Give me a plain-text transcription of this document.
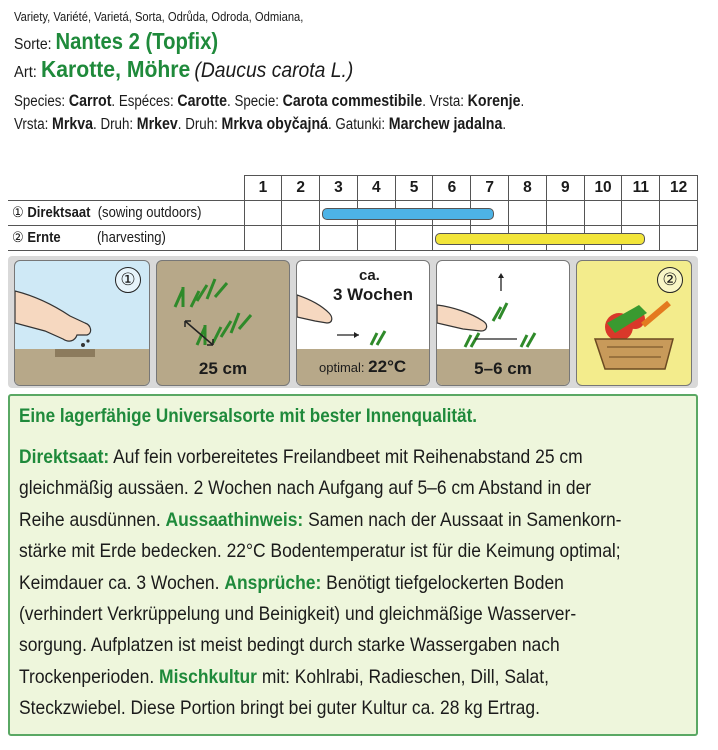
Variety, Variété, Varietá, Sorta, Odrůda, Odroda, Odmiana,
Sorte: Nantes 2 (Topfix)
Art: Karotte, Möhre (Daucus carota L.)
Species: Carrot. Espéces: Carotte. Specie: Carota commestibile. Vrsta: Korenje.
Vrsta: Mrkva. Druh: Mrkev. Druh: Mrkva obyčajná. Gatunki: Marchew jadalna.
	1	2	3	4	5	6	7	8	9	10	11	12
① Direktsaat (sowing outdoors)												
② Ernte (harvesting)												
①
25 cm
ca.
3 Wochen
optimal: 22°C	5–6 cm
②
Eine lagerfähige Universalsorte mit bester Innenqualität.
Direktsaat: Auf fein vorbereitetes Freilandbeet mit Reihenabstand 25 cm
gleichmäßig aussäen. 2 Wochen nach Aufgang auf 5–6 cm Abstand in der
Reihe ausdünnen. Aussaathinweis: Samen nach der Aussaat in Samenkorn-
stärke mit Erde bedecken. 22°C Bodentemperatur ist für die Keimung optimal;
Keimdauer ca. 3 Wochen. Ansprüche: Benötigt tiefgelockerten Boden
(verhindert Verkrüppelung und Beinigkeit) und gleichmäßige Wasserver-
sorgung. Aufplatzen ist meist bedingt durch starke Wassergaben nach
Trockenperioden. Mischkultur mit: Kohlrabi, Radieschen, Dill, Salat,
Steckzwiebel. Diese Portion bringt bei guter Kultur ca. 28 kg Ertrag.
